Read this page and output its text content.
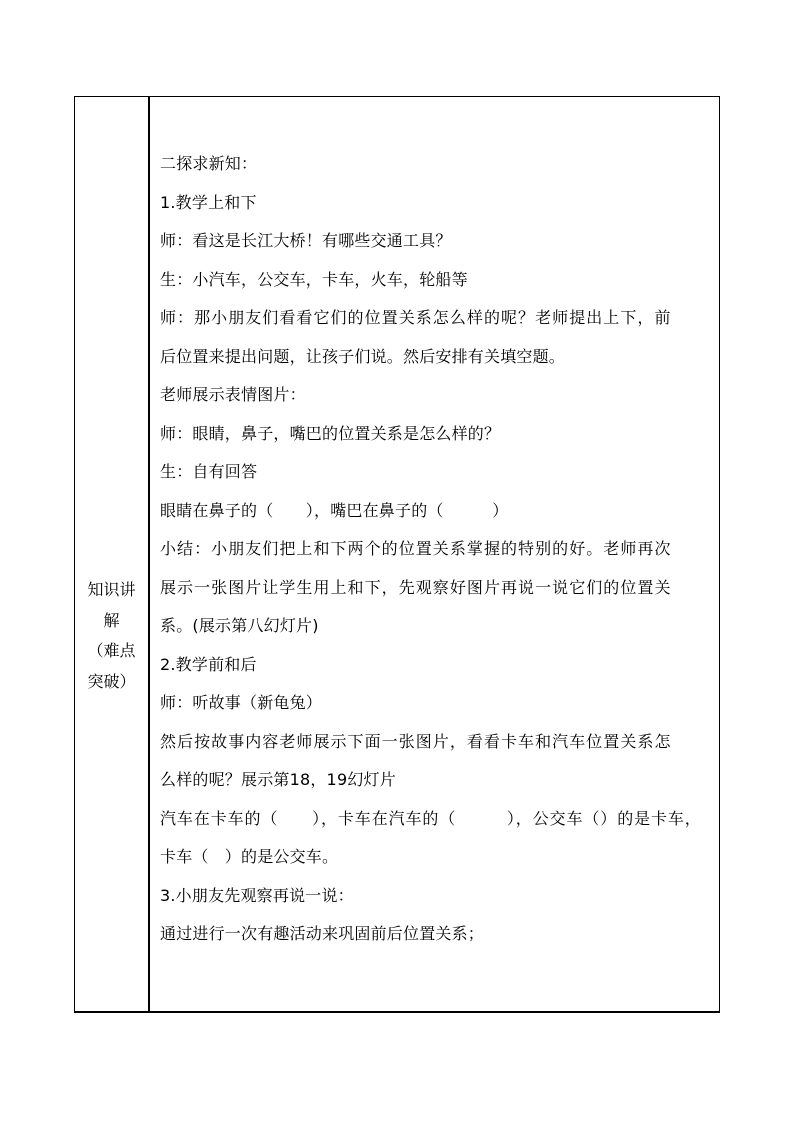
知识讲
解
（难点
突破）
二探求新知：
1.教学上和下
师：看这是长江大桥！有哪些交通工具？
生：小汽车，公交车，卡车，火车，轮船等
师：那小朋友们看看它们的位置关系怎么样的呢？老师提出上下，前
后位置来提出问题，让孩子们说。然后安排有关填空题。
老师展示表情图片：
师：眼睛，鼻子，嘴巴的位置关系是怎么样的？
生：自有回答
眼睛在鼻子的（　　），嘴巴在鼻子的（　　　）
小结：小朋友们把上和下两个的位置关系掌握的特别的好。老师再次
展示一张图片让学生用上和下，先观察好图片再说一说它们的位置关
系。(展示第八幻灯片)
2.教学前和后
师：听故事（新龟兔）
然后按故事内容老师展示下面一张图片，看看卡车和汽车位置关系怎
么样的呢？展示第18，19幻灯片
汽车在卡车的（　　），卡车在汽车的（　　　），公交车（）的是卡车，
卡车（　）的是公交车。
3.小朋友先观察再说一说：
通过进行一次有趣活动来巩固前后位置关系；
